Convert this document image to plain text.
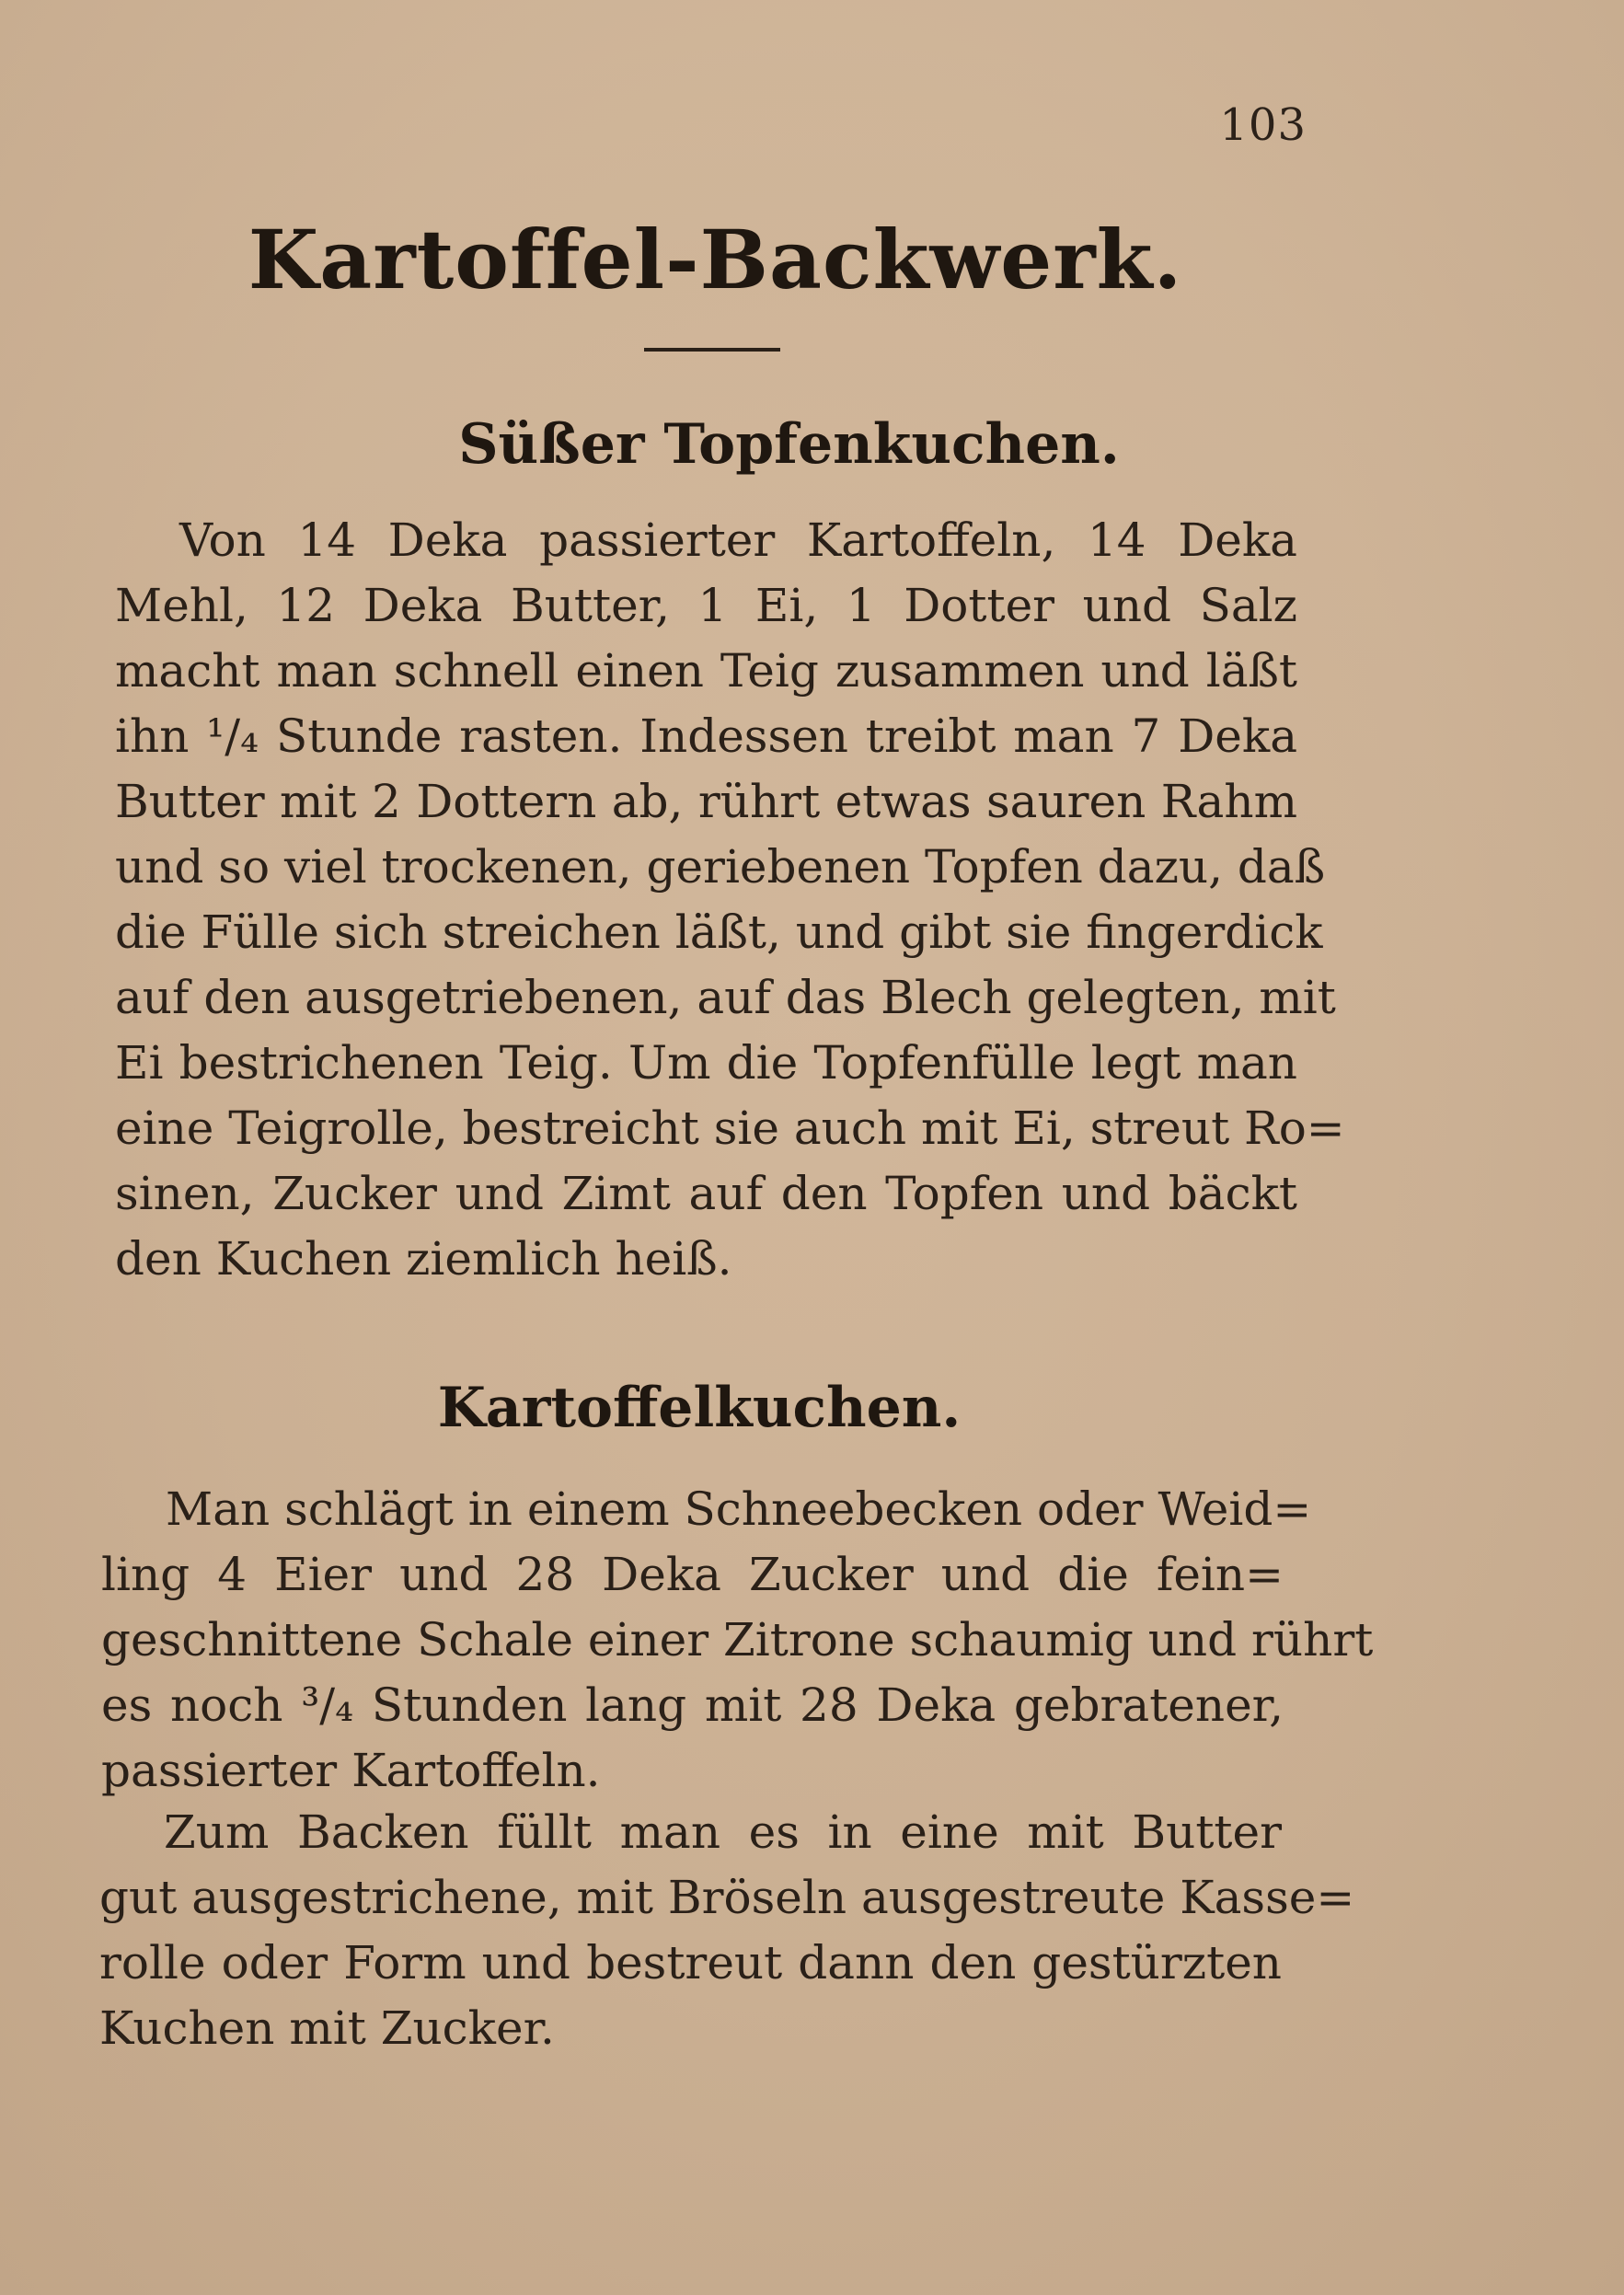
103
Kartoffel-Backwerk.
Süßer Topfenkuchen.
Von 14 Deka passierter Kartoffeln, 14 Deka
Mehl, 12 Deka Butter, 1 Ei, 1 Dotter und Salz
macht man schnell einen Teig zusammen und läßt
ihn ¹/₄ Stunde rasten. Indessen treibt man 7 Deka
Butter mit 2 Dottern ab, rührt etwas sauren Rahm
und so viel trockenen, geriebenen Topfen dazu, daß
die Fülle sich streichen läßt, und gibt sie fingerdick
auf den ausgetriebenen, auf das Blech gelegten, mit
Ei bestrichenen Teig. Um die Topfenfülle legt man
eine Teigrolle, bestreicht sie auch mit Ei, streut Ro=
sinen, Zucker und Zimt auf den Topfen und bäckt
den Kuchen ziemlich heiß.
Kartoffelkuchen.
Man schlägt in einem Schneebecken oder Weid=
ling 4 Eier und 28 Deka Zucker und die fein=
geschnittene Schale einer Zitrone schaumig und rührt
es noch ³/₄ Stunden lang mit 28 Deka gebratener,
passierter Kartoffeln.
Zum Backen füllt man es in eine mit Butter
gut ausgestrichene, mit Bröseln ausgestreute Kasse=
rolle oder Form und bestreut dann den gestürzten
Kuchen mit Zucker.
